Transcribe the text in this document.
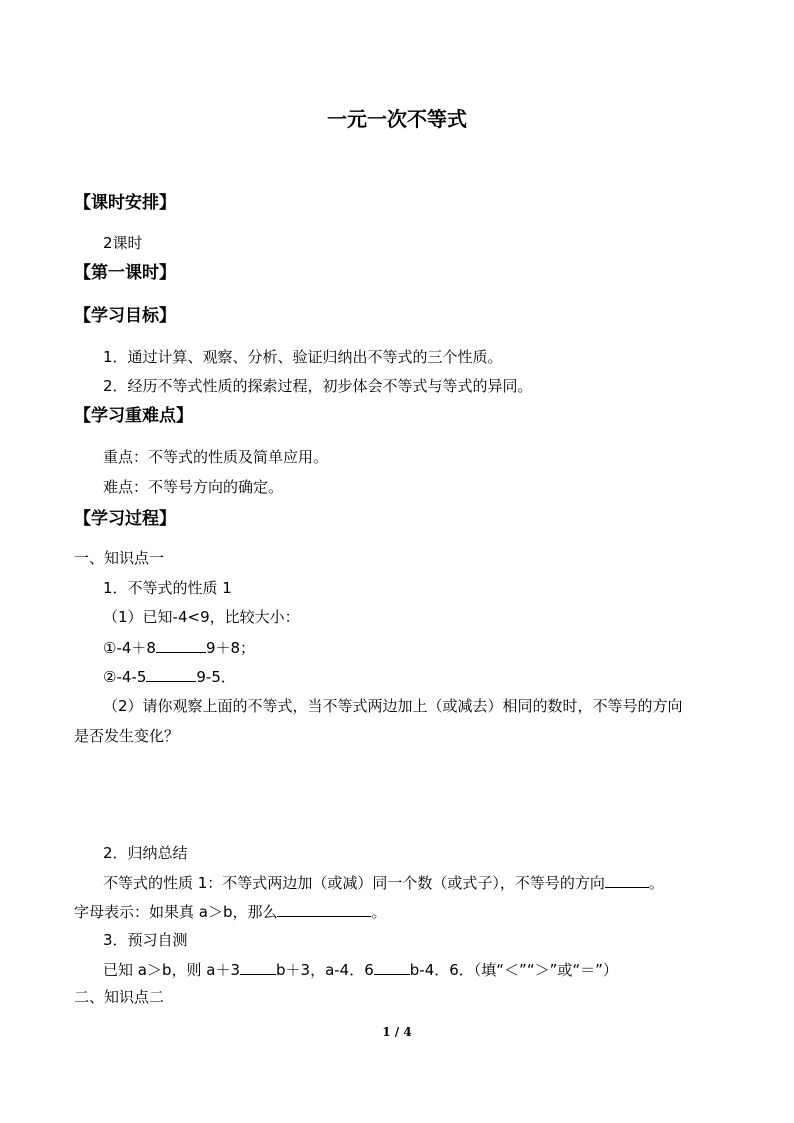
一元一次不等式
【课时安排】
2课时
【第一课时】
【学习目标】
1．通过计算、观察、分析、验证归纳出不等式的三个性质。
2．经历不等式性质的探索过程，初步体会不等式与等式的异同。
【学习重难点】
重点：不等式的性质及简单应用。
难点：不等号方向的确定。
【学习过程】
一、知识点一
1．不等式的性质 1
（1）已知-4<9，比较大小：
①-4＋8	9＋8；
②-4-5	9-5．
（2）请你观察上面的不等式，当不等式两边加上（或减去）相同的数时，不等号的方向
是否发生变化？
2．归纳总结
不等式的性质 1：不等式两边加（或减）同一个数（或式子），不等号的方向	。
字母表示：如果真 a＞b，那么	。
3．预习自测
已知 a＞b，则 a＋3 b＋3，a-4．6 b-4．6．（填“＜”“＞”或“＝”）
二、知识点二
1 / 4
